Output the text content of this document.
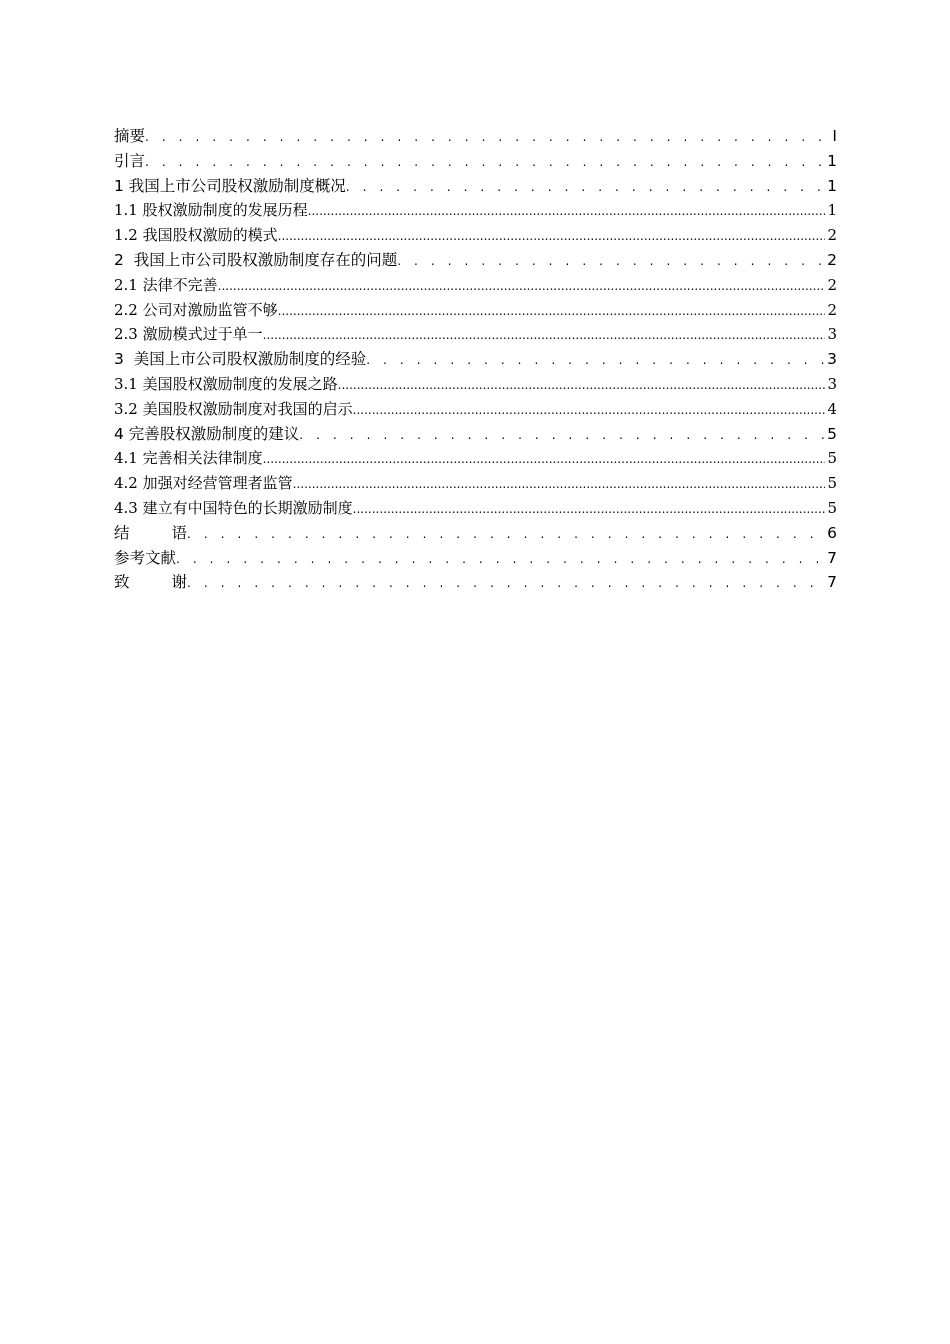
摘要 . . .	I
引言 . . .	1
1 我国上市公司股权激励制度概况 . . .	1
1.1 股权激励制度的发展历程 .....	1
1.2 我国股权激励的模式 .....	2
2  我国上市公司股权激励制度存在的问题 . . .	2
2.1 法律不完善 .....	2
2.2 公司对激励监管不够 .....	2
2.3 激励模式过于单一 .....	3
3  美国上市公司股权激励制度的经验 . . .	3
3.1 美国股权激励制度的发展之路 .....	3
3.2 美国股权激励制度对我国的启示 .....	4
4 完善股权激励制度的建议 . . .	5
4.1 完善相关法律制度 .....	5
4.2 加强对经营管理者监管 .....	5
4.3 建立有中国特色的长期激励制度 .....	5
结	语 . . .	6
参考文献 . . .	7
致	谢 . . .	7
